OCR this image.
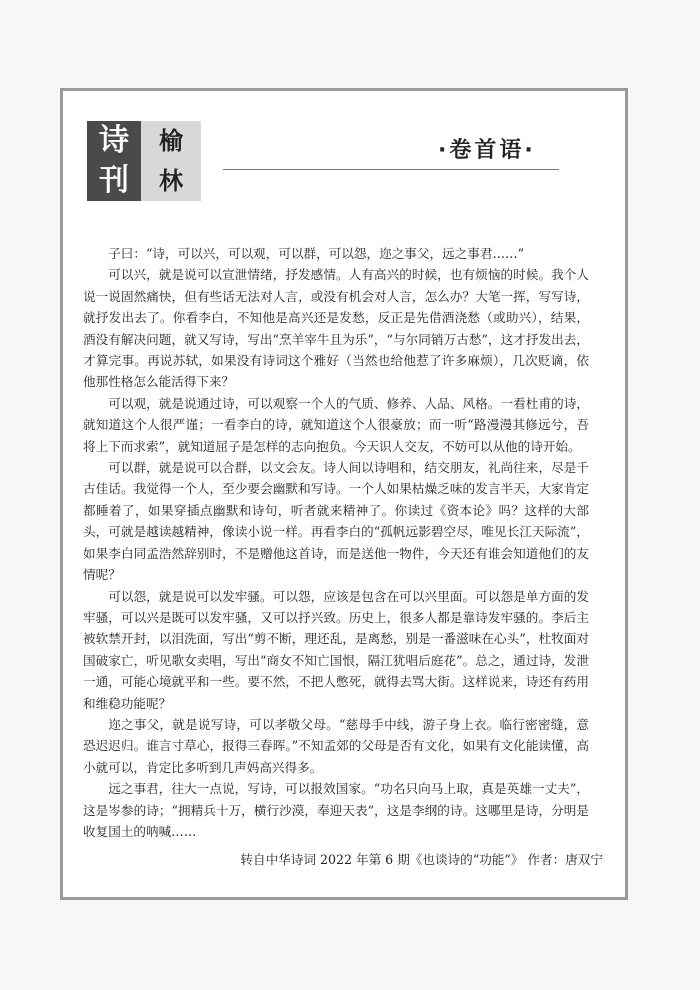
诗
刊
榆
林
·卷首语·

子曰：“诗，可以兴，可以观，可以群，可以怨，迩之事父，远之事君……”

可以兴，就是说可以宣泄情绪，抒发感情。人有高兴的时候，也有烦恼的时候。我个人说一说固然痛快，但有些话无法对人言，或没有机会对人言，怎么办？大笔一挥，写写诗，就抒发出去了。你看李白，不知他是高兴还是发愁，反正是先借酒浇愁（或助兴），结果，酒没有解决问题，就又写诗，写出“烹羊宰牛且为乐”，“与尔同销万古愁”，这才抒发出去，才算完事。再说苏轼，如果没有诗词这个雅好（当然也给他惹了许多麻烦），几次贬谪，依他那性格怎么能活得下来？

可以观，就是说通过诗，可以观察一个人的气质、修养、人品、风格。一看杜甫的诗，就知道这个人很严谨；一看李白的诗，就知道这个人很豪放；而一听“路漫漫其修远兮，吾将上下而求索”，就知道屈子是怎样的志向抱负。今天识人交友，不妨可以从他的诗开始。

可以群，就是说可以合群，以文会友。诗人间以诗唱和，结交朋友，礼尚往来，尽是千古佳话。我觉得一个人，至少要会幽默和写诗。一个人如果枯燥乏味的发言半天，大家肯定都睡着了，如果穿插点幽默和诗句，听者就来精神了。你读过《资本论》吗？这样的大部头，可就是越读越精神，像读小说一样。再看李白的“孤帆远影碧空尽，唯见长江天际流”，如果李白同孟浩然辞别时，不是赠他这首诗，而是送他一物件，今天还有谁会知道他们的友情呢？

可以怨，就是说可以发牢骚。可以怨，应该是包含在可以兴里面。可以怨是单方面的发牢骚，可以兴是既可以发牢骚，又可以抒兴致。历史上，很多人都是靠诗发牢骚的。李后主被软禁开封，以泪洗面，写出“剪不断，理还乱，是离愁，别是一番滋味在心头”，杜牧面对国破家亡，听见歌女卖唱，写出“商女不知亡国恨，隔江犹唱后庭花”。总之，通过诗，发泄一通，可能心境就平和一些。要不然，不把人憋死，就得去骂大街。这样说来，诗还有药用和维稳功能呢？

迩之事父，就是说写诗，可以孝敬父母。“慈母手中线，游子身上衣。临行密密缝，意恐迟迟归。谁言寸草心，报得三春晖。”不知孟郊的父母是否有文化，如果有文化能读懂，高小就可以，肯定比多听到几声妈高兴得多。

远之事君，往大一点说，写诗，可以报效国家。“功名只向马上取，真是英雄一丈夫”，这是岑参的诗；“拥精兵十万，横行沙漠，奉迎天表”，这是李纲的诗。这哪里是诗，分明是收复国土的呐喊……

转自中华诗词 2022 年第 6 期《也谈诗的“功能”》 作者：唐双宁
